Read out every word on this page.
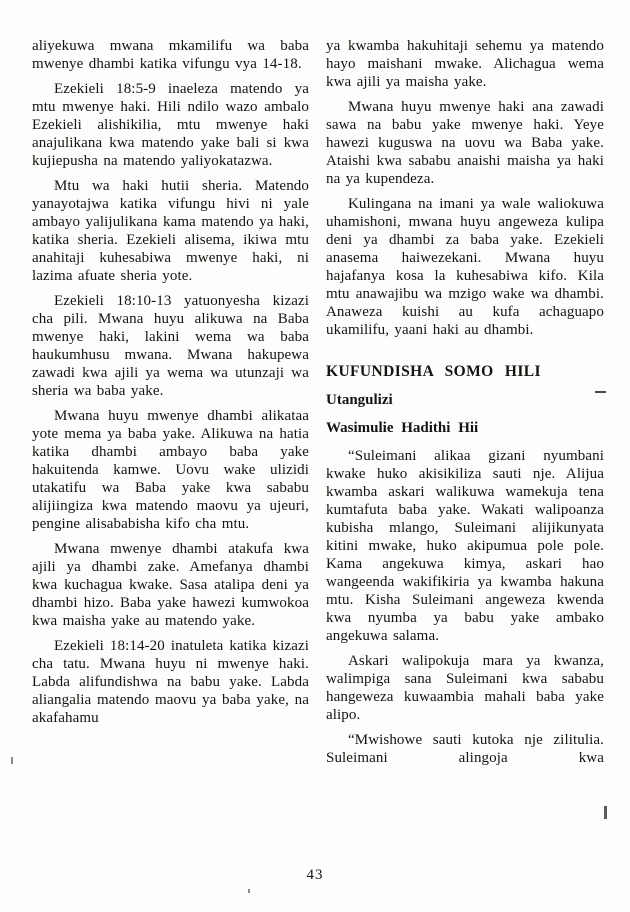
aliyekuwa mwana mkamilifu wa baba mwenye dhambi katika vifungu vya 14-18.

Ezekieli 18:5-9 inaeleza matendo ya mtu mwenye haki. Hili ndilo wazo ambalo Ezekieli alishikilia, mtu mwenye haki anajulikana kwa matendo yake bali si kwa kujiepusha na matendo yaliyokatazwa.

Mtu wa haki hutii sheria. Matendo yanayotajwa katika vifungu hivi ni yale ambayo yalijulikana kama matendo ya haki, katika sheria. Ezekieli alisema, ikiwa mtu anahitaji kuhesabiwa mwenye haki, ni lazima afuate sheria yote.

Ezekieli 18:10-13 yatuonyesha kizazi cha pili. Mwana huyu alikuwa na Baba mwenye haki, lakini wema wa baba haukumhusu mwana. Mwana hakupewa zawadi kwa ajili ya wema wa utunzaji wa sheria wa baba yake.

Mwana huyu mwenye dhambi alikataa yote mema ya baba yake. Alikuwa na hatia katika dhambi ambayo baba yake hakuitenda kamwe. Uovu wake ulizidi utakatifu wa Baba yake kwa sababu alijiingiza kwa matendo maovu ya ujeuri, pengine alisababisha kifo cha mtu.

Mwana mwenye dhambi atakufa kwa ajili ya dhambi zake. Amefanya dhambi kwa kuchagua kwake. Sasa atalipa deni ya dhambi hizo. Baba yake hawezi kumwokoa kwa maisha yake au matendo yake.

Ezekieli 18:14-20 inatuleta katika kizazi cha tatu. Mwana huyu ni mwenye haki. Labda alifundishwa na babu yake. Labda aliangalia matendo maovu ya baba yake, na akafahamu

ya kwamba hakuhitaji sehemu ya matendo hayo maishani mwake. Alichagua wema kwa ajili ya maisha yake.

Mwana huyu mwenye haki ana zawadi sawa na babu yake mwenye haki. Yeye hawezi kuguswa na uovu wa Baba yake. Ataishi kwa sababu anaishi maisha ya haki na ya kupendeza.

Kulingana na imani ya wale waliokuwa uhamishoni, mwana huyu angeweza kulipa deni ya dhambi za baba yake. Ezekieli anasema haiwezekani. Mwana huyu hajafanya kosa la kuhesabiwa kifo. Kila mtu anawajibu wa mzigo wake wa dhambi. Anaweza kuishi au kufa achaguapo ukamilifu, yaani haki au dhambi.

KUFUNDISHA SOMO HILI
Utangulizi
Wasimulie Hadithi Hii

“Suleimani alikaa gizani nyumbani kwake huko akisikiliza sauti nje. Alijua kwamba askari walikuwa wamekuja tena kumtafuta baba yake. Wakati walipoanza kubisha mlango, Suleimani alijikunyata kitini mwake, huko akipumua pole pole. Kama angekuwa kimya, askari hao wangeenda wakifikiria ya kwamba hakuna mtu. Kisha Suleimani angeweza kwenda kwa nyumba ya babu yake ambako angekuwa salama.

Askari walipokuja mara ya kwanza, walimpiga sana Suleimani kwa sababu hangeweza kuwaambia mahali baba yake alipo.

“Mwishowe sauti kutoka nje zilitulia. Suleimani alingoja kwa

43
